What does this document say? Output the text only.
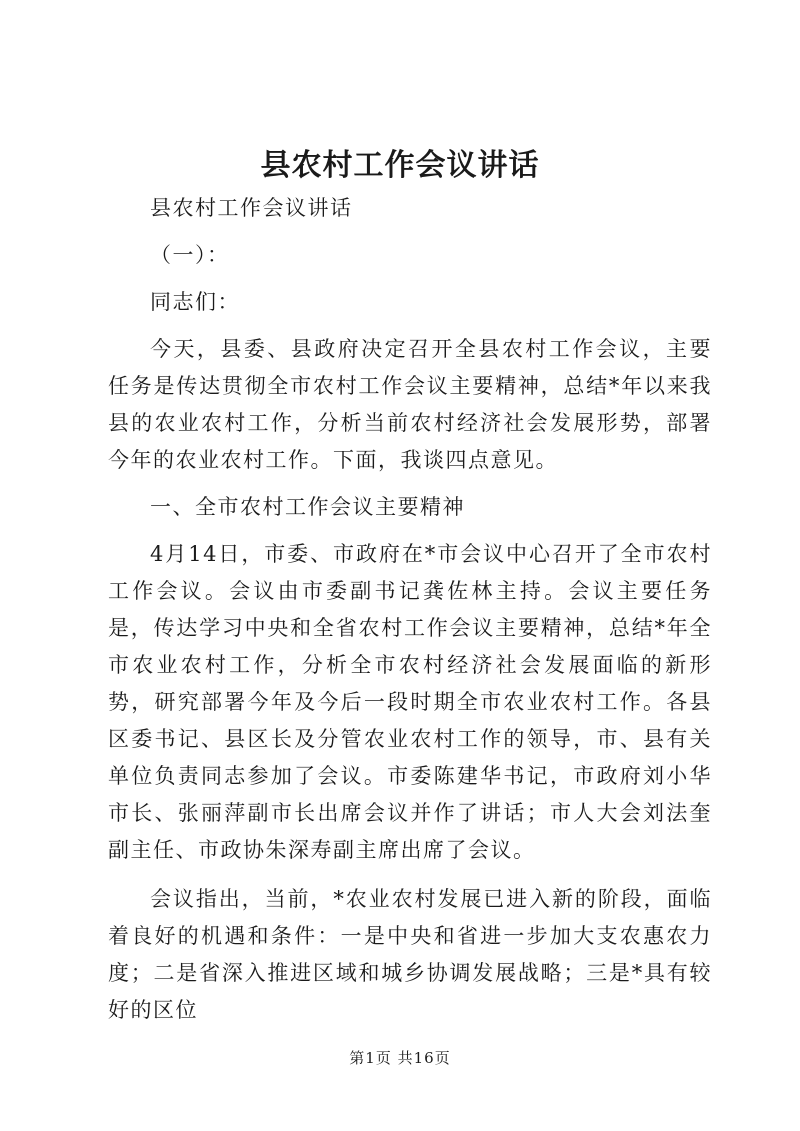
县农村工作会议讲话

县农村工作会议讲话

（一）：

同志们：

今天，县委、县政府决定召开全县农村工作会议，主要任务是传达贯彻全市农村工作会议主要精神，总结*年以来我县的农业农村工作，分析当前农村经济社会发展形势，部署今年的农业农村工作。下面，我谈四点意见。

一、全市农村工作会议主要精神

4月14日，市委、市政府在*市会议中心召开了全市农村工作会议。会议由市委副书记龚佐林主持。会议主要任务是，传达学习中央和全省农村工作会议主要精神，总结*年全市农业农村工作，分析全市农村经济社会发展面临的新形势，研究部署今年及今后一段时期全市农业农村工作。各县区委书记、县区长及分管农业农村工作的领导，市、县有关单位负责同志参加了会议。市委陈建华书记，市政府刘小华市长、张丽萍副市长出席会议并作了讲话；市人大会刘法奎副主任、市政协朱深寿副主席出席了会议。

会议指出，当前，*农业农村发展已进入新的阶段，面临着良好的机遇和条件：一是中央和省进一步加大支农惠农力度；二是省深入推进区域和城乡协调发展战略；三是*具有较好的区位

第1页 共16页
